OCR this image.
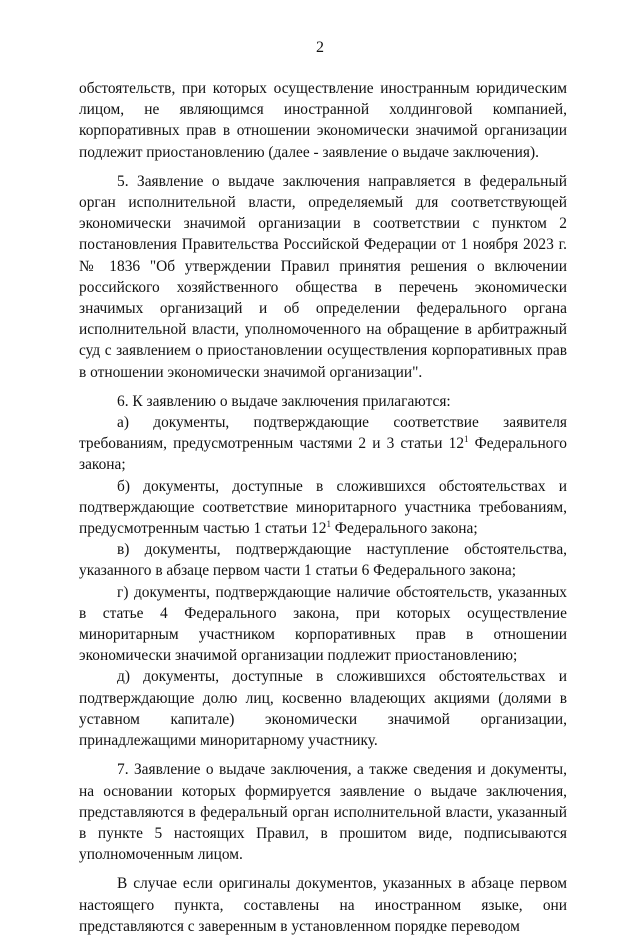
2

обстоятельств, при которых осуществление иностранным юридическим лицом, не являющимся иностранной холдинговой компанией, корпоративных прав в отношении экономически значимой организации подлежит приостановлению (далее - заявление о выдаче заключения).

5. Заявление о выдаче заключения направляется в федеральный орган исполнительной власти, определяемый для соответствующей экономически значимой организации в соответствии с пунктом 2 постановления Правительства Российской Федерации от 1 ноября 2023 г. № 1836 "Об утверждении Правил принятия решения о включении российского хозяйственного общества в перечень экономически значимых организаций и об определении федерального органа исполнительной власти, уполномоченного на обращение в арбитражный суд с заявлением о приостановлении осуществления корпоративных прав в отношении экономически значимой организации".

6. К заявлению о выдаче заключения прилагаются:

а) документы, подтверждающие соответствие заявителя требованиям, предусмотренным частями 2 и 3 статьи $12^1$ Федерального закона;

б) документы, доступные в сложившихся обстоятельствах и подтверждающие соответствие миноритарного участника требованиям, предусмотренным частью 1 статьи $12^1$ Федерального закона;

в) документы, подтверждающие наступление обстоятельства, указанного в абзаце первом части 1 статьи 6 Федерального закона;

г) документы, подтверждающие наличие обстоятельств, указанных в статье 4 Федерального закона, при которых осуществление миноритарным участником корпоративных прав в отношении экономически значимой организации подлежит приостановлению;

д) документы, доступные в сложившихся обстоятельствах и подтверждающие долю лиц, косвенно владеющих акциями (долями в уставном капитале) экономически значимой организации, принадлежащими миноритарному участнику.

7. Заявление о выдаче заключения, а также сведения и документы, на основании которых формируется заявление о выдаче заключения, представляются в федеральный орган исполнительной власти, указанный в пункте 5 настоящих Правил, в прошитом виде, подписываются уполномоченным лицом.

В случае если оригиналы документов, указанных в абзаце первом настоящего пункта, составлены на иностранном языке, они представляются с заверенным в установленном порядке переводом
